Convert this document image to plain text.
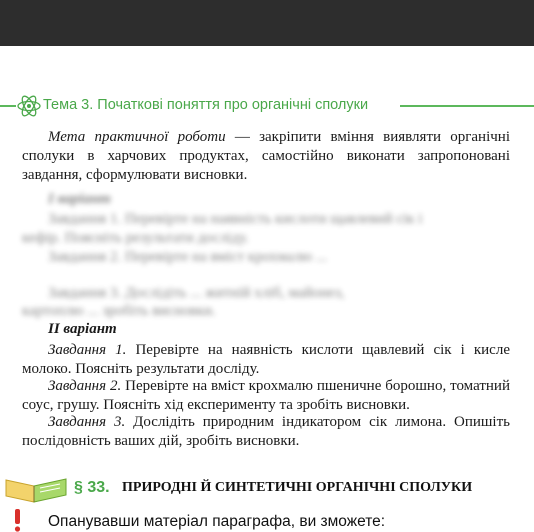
Тема 3. Початкові поняття про органічні сполуки

Мета практичної роботи — закріпити вміння виявляти органічні сполуки в харчових продуктах, самостійно виконати запропоновані завдання, сформулювати висновки.

І варіант
Завдання 1. Перевірте на наявність кислоти щавлевий сік і
кефір. Поясніть результати досліду.
Завдання 2. Перевірте на вміст крохмалю ...
Завдання 3. Дослідіть ... житній хліб, майонез,
картоплю ... зробіть висновки.
II варіант

Завдання 1. Перевірте на наявність кислоти щавлевий сік і кисле молоко. Поясніть результати досліду.

Завдання 2. Перевірте на вміст крохмалю пшеничне борошно, томатний соус, грушу. Поясніть хід експерименту та зробіть висновки.

Завдання 3. Дослідіть природним індикатором сік лимона. Опишіть послідовність ваших дій, зробіть висновки.

§ 33. ПРИРОДНІ Й СИНТЕТИЧНІ ОРГАНІЧНІ СПОЛУКИ
Опанувавши матеріал параграфа, ви зможете:
